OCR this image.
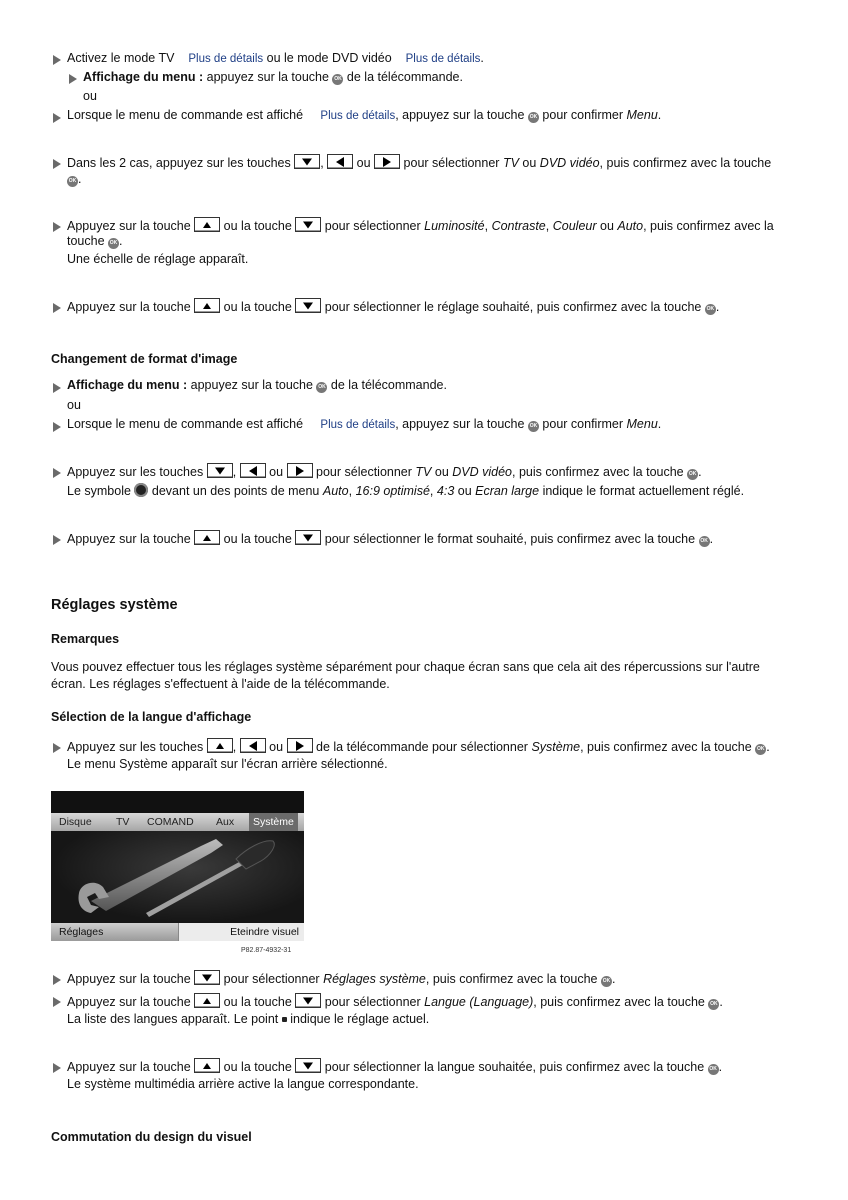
Activez le mode TV Plus de détails ou le mode DVD vidéo Plus de détails.
Affichage du menu : appuyez sur la touche OK de la télécommande.
ou
Lorsque le menu de commande est affiché Plus de détails, appuyez sur la touche OK pour confirmer Menu.
Dans les 2 cas, appuyez sur les touches ,	ou	pour sélectionner TV ou DVD vidéo, puis confirmez avec la touche
OK .
Appuyez sur la touche	ou la touche	pour sélectionner Luminosité, Contraste, Couleur ou Auto, puis confirmez avec la
touche OK .
Une échelle de réglage apparaît.
Appuyez sur la touche	ou la touche	pour sélectionner le réglage souhaité, puis confirmez avec la touche OK .
Changement de format d'image
Affichage du menu : appuyez sur la touche OK de la télécommande.
ou
Lorsque le menu de commande est affiché Plus de détails, appuyez sur la touche OK pour confirmer Menu.
Appuyez sur les touches ,	ou	pour sélectionner TV ou DVD vidéo, puis confirmez avec la touche OK .
Le symbole devant un des points de menu Auto, 16:9 optimisé, 4:3 ou Ecran large indique le format actuellement réglé.
Appuyez sur la touche	ou la touche	pour sélectionner le format souhaité, puis confirmez avec la touche OK .
Réglages système
Remarques
Vous pouvez effectuer tous les réglages système séparément pour chaque écran sans que cela ait des répercussions sur l'autre
écran. Les réglages s'effectuent à l'aide de la télécommande.
Sélection de la langue d'affichage
Appuyez sur les touches ,	ou	de la télécommande pour sélectionner Système, puis confirmez avec la touche OK .
Le menu Système apparaît sur l'écran arrière sélectionné.
Disque TV COMAND Aux	Système
Réglages	Eteindre visuel
P82.87-4932-31
Appuyez sur la touche	pour sélectionner Réglages système, puis confirmez avec la touche OK .
Appuyez sur la touche	ou la touche	pour sélectionner Langue (Language), puis confirmez avec la touche OK .
La liste des langues apparaît. Le point indique le réglage actuel.
Appuyez sur la touche	ou la touche	pour sélectionner la langue souhaitée, puis confirmez avec la touche OK .
Le système multimédia arrière active la langue correspondante.
Commutation du design du visuel
